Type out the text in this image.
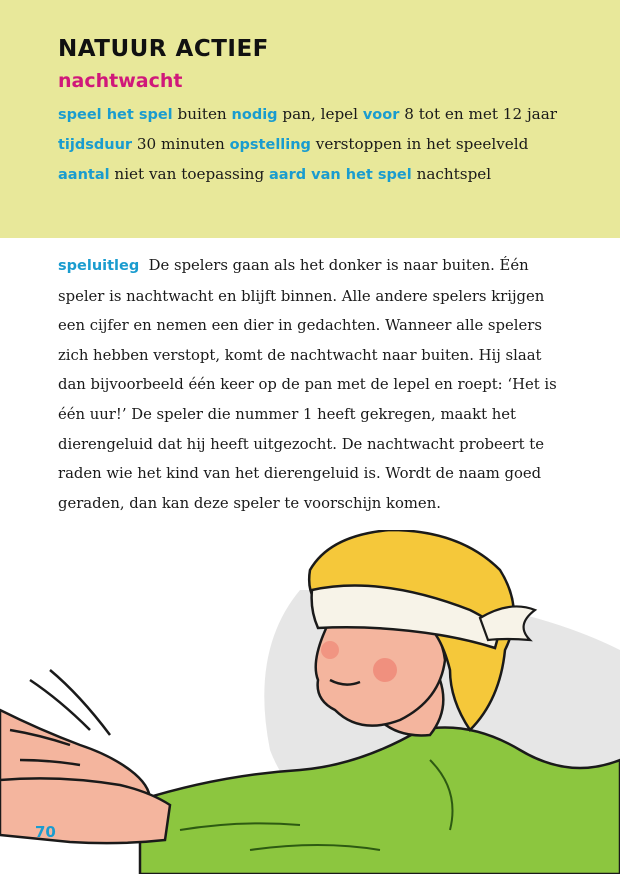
NATUUR ACTIEF
nachtwacht

speel het spel buiten nodig pan, lepel voor 8 tot en met 12 jaar tijdsduur 30 minuten opstelling verstoppen in het speelveld aantal niet van toepassing aard van het spel nachtspel

speluitleg De spelers gaan als het donker is naar buiten. Één speler is nachtwacht en blijft binnen. Alle andere spelers krijgen een cijfer en nemen een dier in gedachten. Wanneer alle spelers zich hebben verstopt, komt de nachtwacht naar buiten. Hij slaat dan bijvoorbeeld één keer op de pan met de lepel en roept: ‘Het is één uur!’ De speler die nummer 1 heeft gekregen, maakt het dierengeluid dat hij heeft uitgezocht. De nachtwacht probeert te raden wie het kind van het dierengeluid is. Wordt de naam goed geraden, dan kan deze speler te voorschijn komen.

70
